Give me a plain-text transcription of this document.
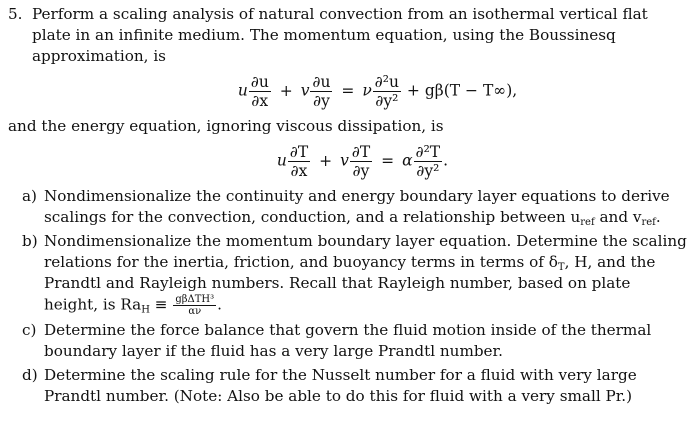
5. Perform a scaling analysis of natural convection from an isothermal vertical flat plate in an infinite medium. The momentum equation, using the Boussinesq approximation, is
u $\frac{\partial u}{\partial x} + v \frac{\partial u}{\partial y} = \nu \frac{\text{∂²u}}{\text{∂y²}} + g\beta(T - T\infty)$,
and the energy equation, ignoring viscous dissipation, is
u $\frac{\partial T}{\partial x} + v \frac{\partial T}{\partial y} = \alpha \frac{\text{∂²T}}{\text{∂y²}}$ .
a) Nondimensionalize the continuity and energy boundary layer equations to derive scalings for the convection, conduction, and a relationship between $u_{ref}$ and $v_{ref}$.
b) Nondimensionalize the momentum boundary layer equation. Determine the scaling relations for the inertia, friction, and buoyancy terms in terms of $\delta_T$, H, and the Prandtl and Rayleigh numbers. Recall that Rayleigh number, based on plate height, is $Ra_H \equiv \frac{\text{gβΔTH³}}{\alpha\nu}$ .
c) Determine the force balance that govern the fluid motion inside of the thermal boundary layer if the fluid has a very large Prandtl number.
d) Determine the scaling rule for the Nusselt number for a fluid with very large Prandtl number. (Note: Also be able to do this for fluid with a very small Pr.)
